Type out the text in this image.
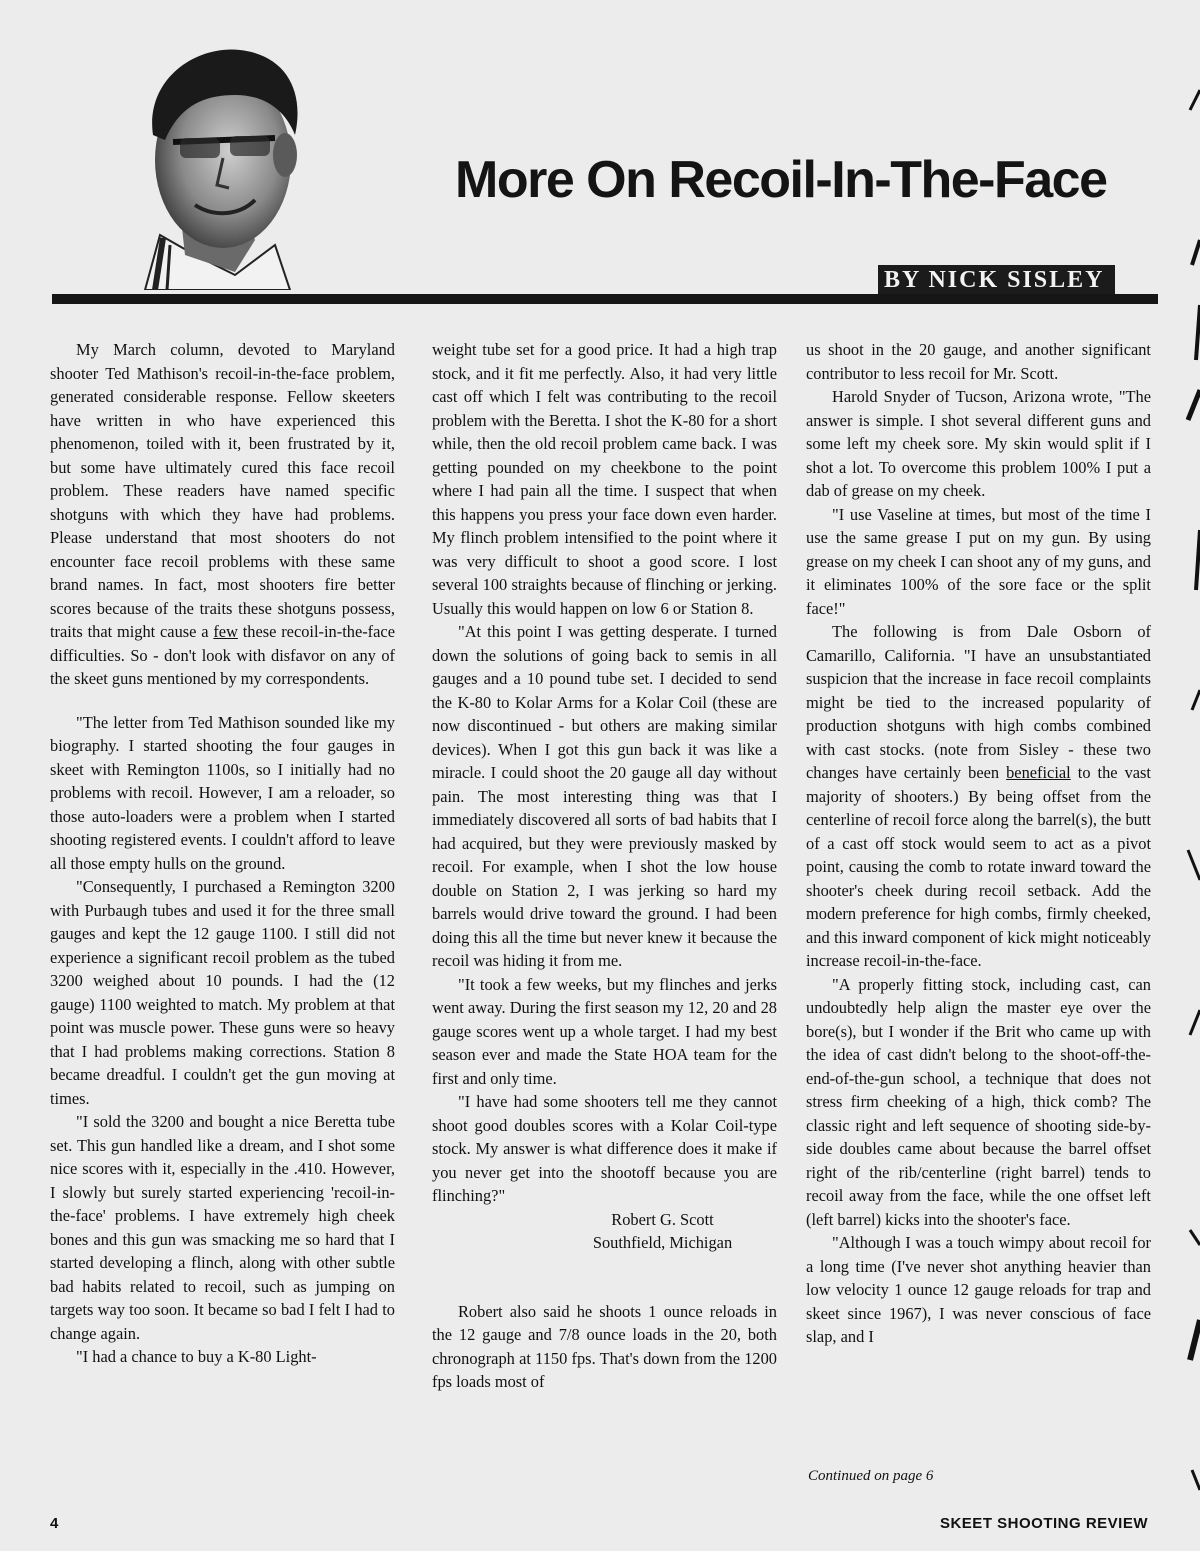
More On Recoil-In-The-Face
BY NICK SISLEY

My March column, devoted to Maryland shooter Ted Mathison's recoil-in-the-face problem, generated considerable response. Fellow skeeters have written in who have experienced this phenomenon, toiled with it, been frustrated by it, but some have ultimately cured this face recoil problem. These readers have named specific shotguns with which they have had problems. Please understand that most shooters do not encounter face recoil problems with these same brand names. In fact, most shooters fire better scores because of the traits these shotguns possess, traits that might cause a few these recoil-in-the-face difficulties. So - don't look with disfavor on any of the skeet guns mentioned by my correspondents.

"The letter from Ted Mathison sounded like my biography. I started shooting the four gauges in skeet with Remington 1100s, so I initially had no problems with recoil. However, I am a reloader, so those auto-loaders were a problem when I started shooting registered events. I couldn't afford to leave all those empty hulls on the ground.

"Consequently, I purchased a Remington 3200 with Purbaugh tubes and used it for the three small gauges and kept the 12 gauge 1100. I still did not experience a significant recoil problem as the tubed 3200 weighed about 10 pounds. I had the (12 gauge) 1100 weighted to match. My problem at that point was muscle power. These guns were so heavy that I had problems making corrections. Station 8 became dreadful. I couldn't get the gun moving at times.

"I sold the 3200 and bought a nice Beretta tube set. This gun handled like a dream, and I shot some nice scores with it, especially in the .410. However, I slowly but surely started experiencing 'recoil-in-the-face' problems. I have extremely high cheek bones and this gun was smacking me so hard that I started developing a flinch, along with other subtle bad habits related to recoil, such as jumping on targets way too soon. It became so bad I felt I had to change again.

"I had a chance to buy a K-80 Light-

weight tube set for a good price. It had a high trap stock, and it fit me perfectly. Also, it had very little cast off which I felt was contributing to the recoil problem with the Beretta. I shot the K-80 for a short while, then the old recoil problem came back. I was getting pounded on my cheekbone to the point where I had pain all the time. I suspect that when this happens you press your face down even harder. My flinch problem intensified to the point where it was very difficult to shoot a good score. I lost several 100 straights because of flinching or jerking. Usually this would happen on low 6 or Station 8.

"At this point I was getting desperate. I turned down the solutions of going back to semis in all gauges and a 10 pound tube set. I decided to send the K-80 to Kolar Arms for a Kolar Coil (these are now discontinued - but others are making similar devices). When I got this gun back it was like a miracle. I could shoot the 20 gauge all day without pain. The most interesting thing was that I immediately discovered all sorts of bad habits that I had acquired, but they were previously masked by recoil. For example, when I shot the low house double on Station 2, I was jerking so hard my barrels would drive toward the ground. I had been doing this all the time but never knew it because the recoil was hiding it from me.

"It took a few weeks, but my flinches and jerks went away. During the first season my 12, 20 and 28 gauge scores went up a whole target. I had my best season ever and made the State HOA team for the first and only time.

"I have had some shooters tell me they cannot shoot good doubles scores with a Kolar Coil-type stock. My answer is what difference does it make if you never get into the shootoff because you are flinching?"

Robert G. Scott

Southfield, Michigan

Robert also said he shoots 1 ounce reloads in the 12 gauge and 7/8 ounce loads in the 20, both chronograph at 1150 fps. That's down from the 1200 fps loads most of

us shoot in the 20 gauge, and another significant contributor to less recoil for Mr. Scott.

Harold Snyder of Tucson, Arizona wrote, "The answer is simple. I shot several different guns and some left my cheek sore. My skin would split if I shot a lot. To overcome this problem 100% I put a dab of grease on my cheek.

"I use Vaseline at times, but most of the time I use the same grease I put on my gun. By using grease on my cheek I can shoot any of my guns, and it eliminates 100% of the sore face or the split face!"

The following is from Dale Osborn of Camarillo, California. "I have an unsubstantiated suspicion that the increase in face recoil complaints might be tied to the increased popularity of production shotguns with high combs combined with cast stocks. (note from Sisley - these two changes have certainly been beneficial to the vast majority of shooters.) By being offset from the centerline of recoil force along the barrel(s), the butt of a cast off stock would seem to act as a pivot point, causing the comb to rotate inward toward the shooter's cheek during recoil setback. Add the modern preference for high combs, firmly cheeked, and this inward component of kick might noticeably increase recoil-in-the-face.

"A properly fitting stock, including cast, can undoubtedly help align the master eye over the bore(s), but I wonder if the Brit who came up with the idea of cast didn't belong to the shoot-off-the-end-of-the-gun school, a technique that does not stress firm cheeking of a high, thick comb? The classic right and left sequence of shooting side-by-side doubles came about because the barrel offset right of the rib/centerline (right barrel) tends to recoil away from the face, while the one offset left (left barrel) kicks into the shooter's face.

"Although I was a touch wimpy about recoil for a long time (I've never shot anything heavier than low velocity 1 ounce 12 gauge reloads for trap and skeet since 1967), I was never conscious of face slap, and I

Continued on page 6
4	SKEET SHOOTING REVIEW
